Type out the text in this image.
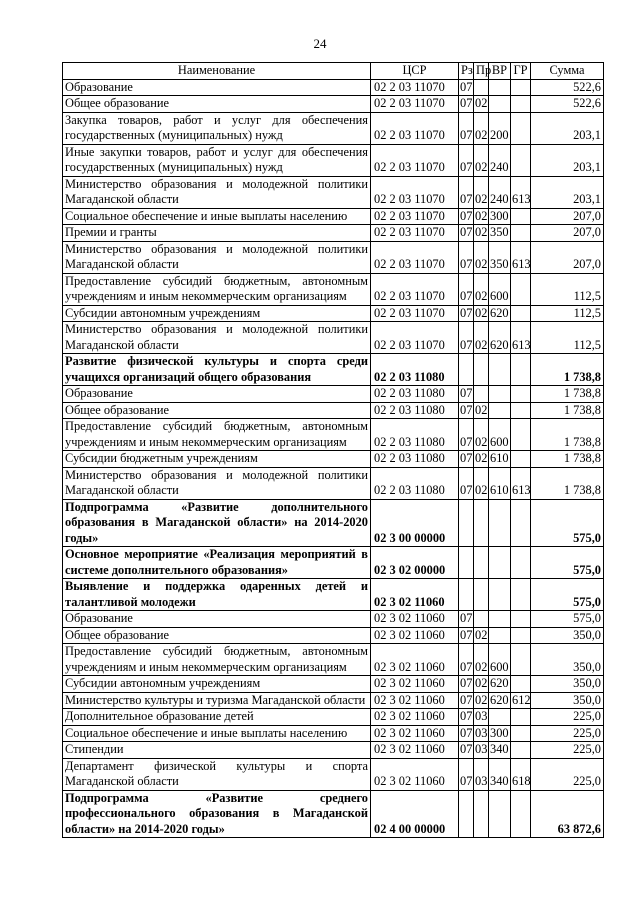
24
Наименование	ЦСР	Рз	Пр	ВР	ГР	Сумма
Образование	02 2 03 11070	07				522,6
Общее образование	02 2 03 11070	07	02			522,6
Закупка товаров, работ и услуг для обеспечения государственных (муниципальных) нужд	02 2 03 11070	07	02	200		203,1
Иные закупки товаров, работ и услуг для обеспечения государственных (муниципальных) нужд	02 2 03 11070	07	02	240		203,1
Министерство образования и молодежной политики Магаданской области	02 2 03 11070	07	02	240	613	203,1
Социальное обеспечение и иные выплаты населению	02 2 03 11070	07	02	300		207,0
Премии и гранты	02 2 03 11070	07	02	350		207,0
Министерство образования и молодежной политики Магаданской области	02 2 03 11070	07	02	350	613	207,0
Предоставление субсидий бюджетным, автономным учреждениям и иным некоммерческим организациям	02 2 03 11070	07	02	600		112,5
Субсидии автономным учреждениям	02 2 03 11070	07	02	620		112,5
Министерство образования и молодежной политики Магаданской области	02 2 03 11070	07	02	620	613	112,5
Развитие физической культуры и спорта среди учащихся организаций общего образования	02 2 03 11080					1 738,8
Образование	02 2 03 11080	07				1 738,8
Общее образование	02 2 03 11080	07	02			1 738,8
Предоставление субсидий бюджетным, автономным учреждениям и иным некоммерческим организациям	02 2 03 11080	07	02	600		1 738,8
Субсидии бюджетным учреждениям	02 2 03 11080	07	02	610		1 738,8
Министерство образования и молодежной политики Магаданской области	02 2 03 11080	07	02	610	613	1 738,8
Подпрограмма «Развитие дополнительного образования в Магаданской области» на 2014-2020 годы»	02 3 00 00000					575,0
Основное мероприятие «Реализация мероприятий в системе дополнительного образования»	02 3 02 00000					575,0
Выявление и поддержка одаренных детей и талантливой молодежи	02 3 02 11060					575,0
Образование	02 3 02 11060	07				575,0
Общее образование	02 3 02 11060	07	02			350,0
Предоставление субсидий бюджетным, автономным учреждениям и иным некоммерческим организациям	02 3 02 11060	07	02	600		350,0
Субсидии автономным учреждениям	02 3 02 11060	07	02	620		350,0
Министерство культуры и туризма Магаданской области	02 3 02 11060	07	02	620	612	350,0
Дополнительное образование детей	02 3 02 11060	07	03			225,0
Социальное обеспечение и иные выплаты населению	02 3 02 11060	07	03	300		225,0
Стипендии	02 3 02 11060	07	03	340		225,0
Департамент физической культуры и спорта Магаданской области	02 3 02 11060	07	03	340	618	225,0
Подпрограмма «Развитие среднего профессионального образования в Магаданской области» на 2014-2020 годы»	02 4 00 00000					63 872,6
